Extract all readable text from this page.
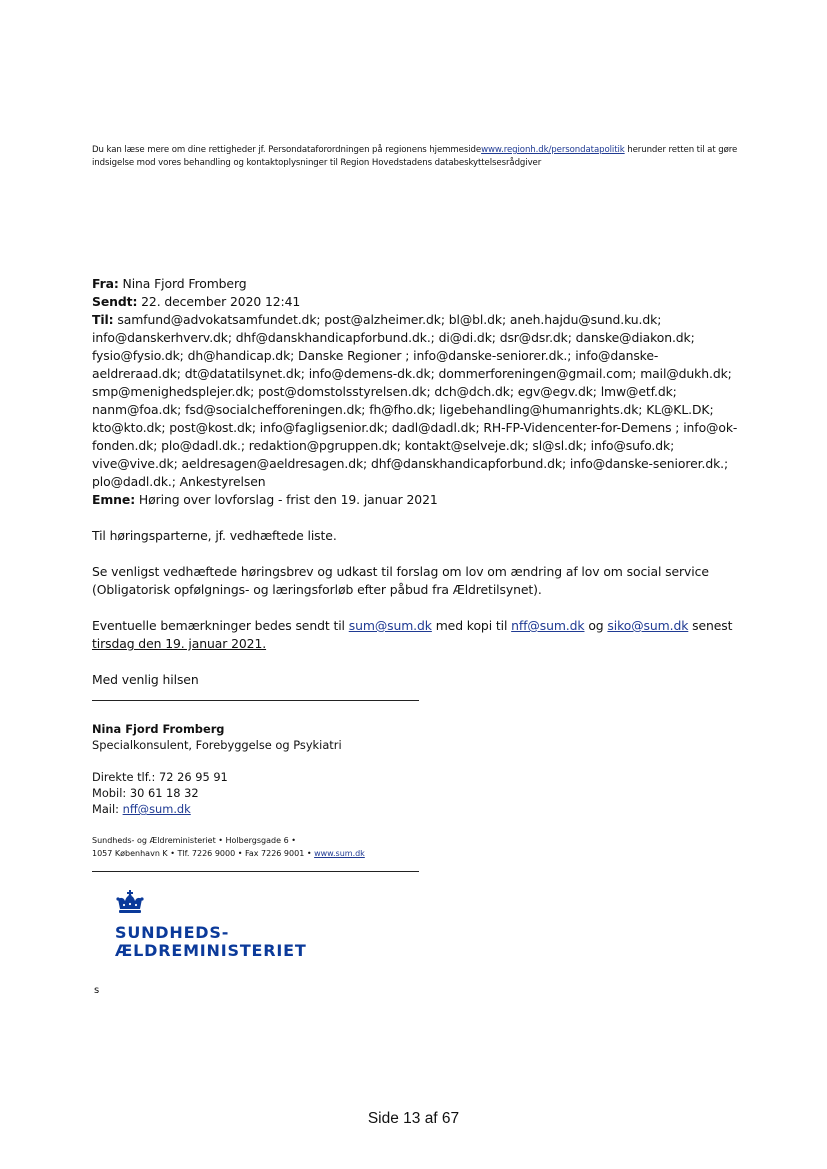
Du kan læse mere om dine rettigheder jf. Persondataforordningen på regionens hjemmesidewww.regionh.dk/persondatapolitik herunder retten til at gøre indsigelse mod vores behandling og kontaktoplysninger til Region Hovedstadens databeskyttelsesrådgiver

Fra: Nina Fjord Fromberg

Sendt: 22. december 2020 12:41

Til: samfund@advokatsamfundet.dk; post@alzheimer.dk; bl@bl.dk; aneh.hajdu@sund.ku.dk;

info@danskerhverv.dk; dhf@danskhandicapforbund.dk.; di@di.dk; dsr@dsr.dk; danske@diakon.dk;

fysio@fysio.dk; dh@handicap.dk; Danske Regioner ; info@danske-seniorer.dk.; info@danske-

aeldreraad.dk; dt@datatilsynet.dk; info@demens-dk.dk; dommerforeningen@gmail.com; mail@dukh.dk;

smp@menighedsplejer.dk; post@domstolsstyrelsen.dk; dch@dch.dk; egv@egv.dk; lmw@etf.dk;

nanm@foa.dk; fsd@socialchefforeningen.dk; fh@fho.dk; ligebehandling@humanrights.dk; KL@KL.DK;

kto@kto.dk; post@kost.dk; info@fagligsenior.dk; dadl@dadl.dk; RH-FP-Videncenter-for-Demens ; info@ok-

fonden.dk; plo@dadl.dk.; redaktion@pgruppen.dk; kontakt@selveje.dk; sl@sl.dk; info@sufo.dk;

vive@vive.dk; aeldresagen@aeldresagen.dk; dhf@danskhandicapforbund.dk; info@danske-seniorer.dk.;

plo@dadl.dk.; Ankestyrelsen

Emne: Høring over lovforslag - frist den 19. januar 2021

Til høringsparterne, jf. vedhæftede liste.

Se venligst vedhæftede høringsbrev og udkast til forslag om lov om ændring af lov om social service

(Obligatorisk opfølgnings- og læringsforløb efter påbud fra Ældretilsynet).

Eventuelle bemærkninger bedes sendt til sum@sum.dk med kopi til nff@sum.dk og siko@sum.dk senest

tirsdag den 19. januar 2021.

Med venlig hilsen

Nina Fjord Fromberg
Specialkonsulent, Forebyggelse og Psykiatri
Direkte tlf.: 72 26 95 91
Mobil: 30 61 18 32
Mail: nff@sum.dk
Sundheds- og Ældreministeriet • Holbergsgade 6 •
1057 København K • Tlf. 7226 9000 • Fax 7226 9001 • www.sum.dk
SUNDHEDS-
ÆLDREMINISTERIET
s
Side 13 af 67
